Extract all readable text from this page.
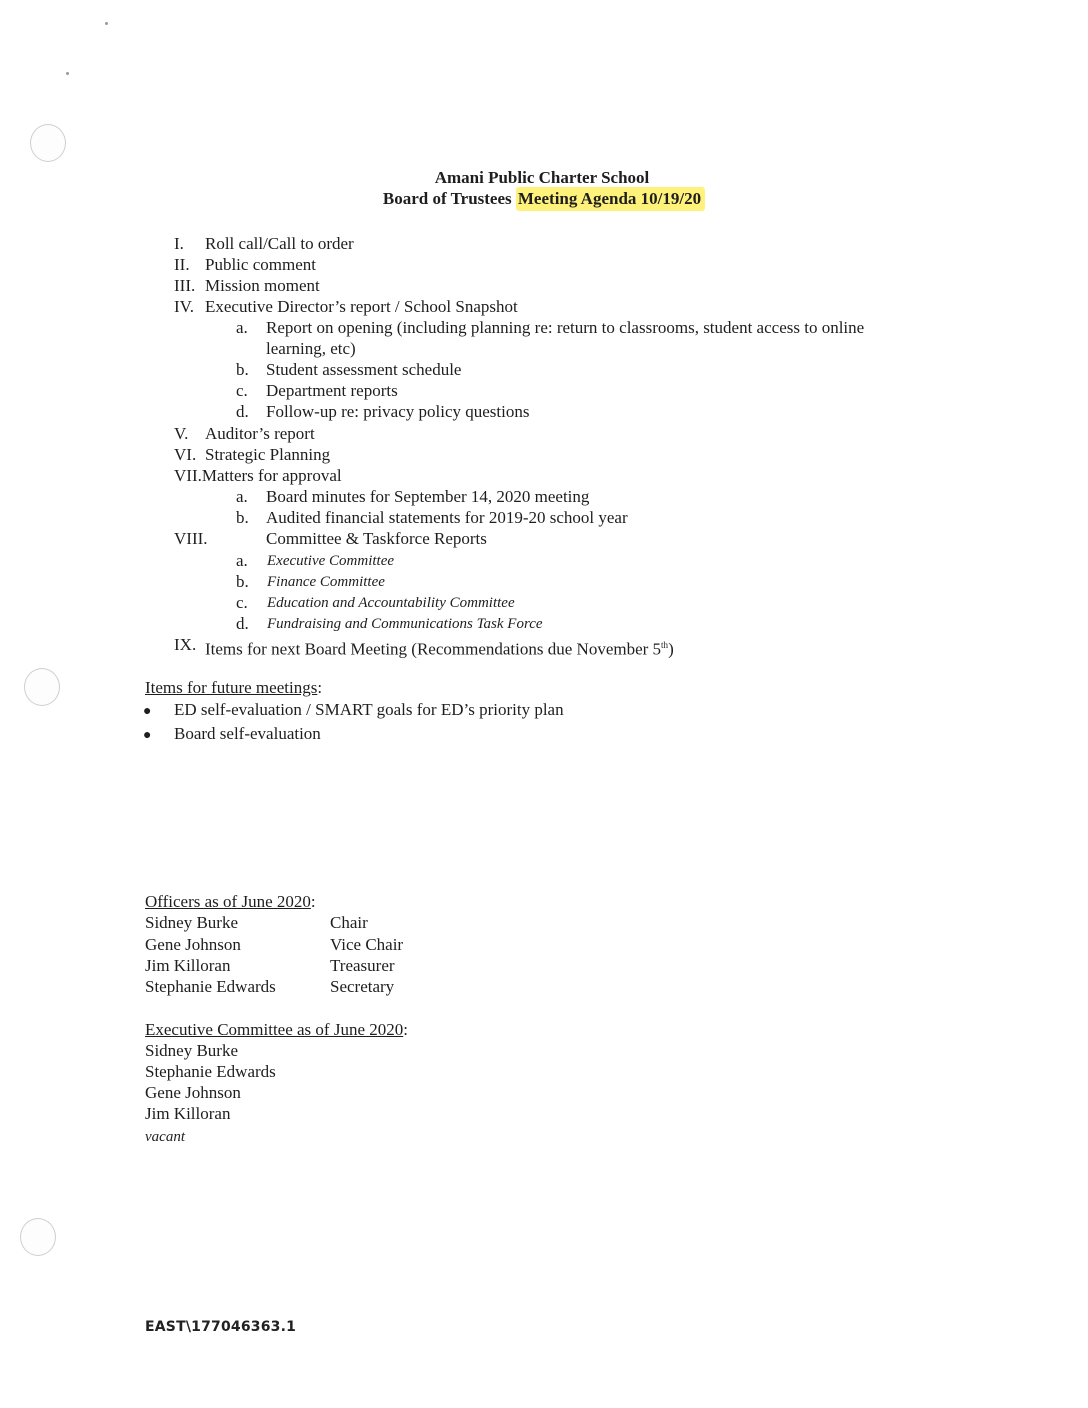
Amani Public Charter School
Board of Trustees Meeting Agenda 10/19/20
I. Roll call/Call to order
II. Public comment
III. Mission moment
IV. Executive Director’s report / School Snapshot
a. Report on opening (including planning re: return to classrooms, student access to online
learning, etc)
b. Student assessment schedule
c. Department reports
d. Follow-up re: privacy policy questions
V. Auditor’s report
VI. Strategic Planning
VII.Matters for approval
a. Board minutes for September 14, 2020 meeting
b. Audited financial statements for 2019-20 school year
VIII.	Committee & Taskforce Reports
a. Executive Committee
b. Finance Committee
c. Education and Accountability Committee
d. Fundraising and Communications Task Force
IX. Items for next Board Meeting (Recommendations due November 5th)
Items for future meetings:
● ED self-evaluation / SMART goals for ED’s priority plan
● Board self-evaluation
Officers as of June 2020:
Sidney Burke	Chair
Gene Johnson	Vice Chair
Jim Killoran	Treasurer
Stephanie Edwards	Secretary
Executive Committee as of June 2020:
Sidney Burke
Stephanie Edwards
Gene Johnson
Jim Killoran
vacant
EAST\177046363.1
